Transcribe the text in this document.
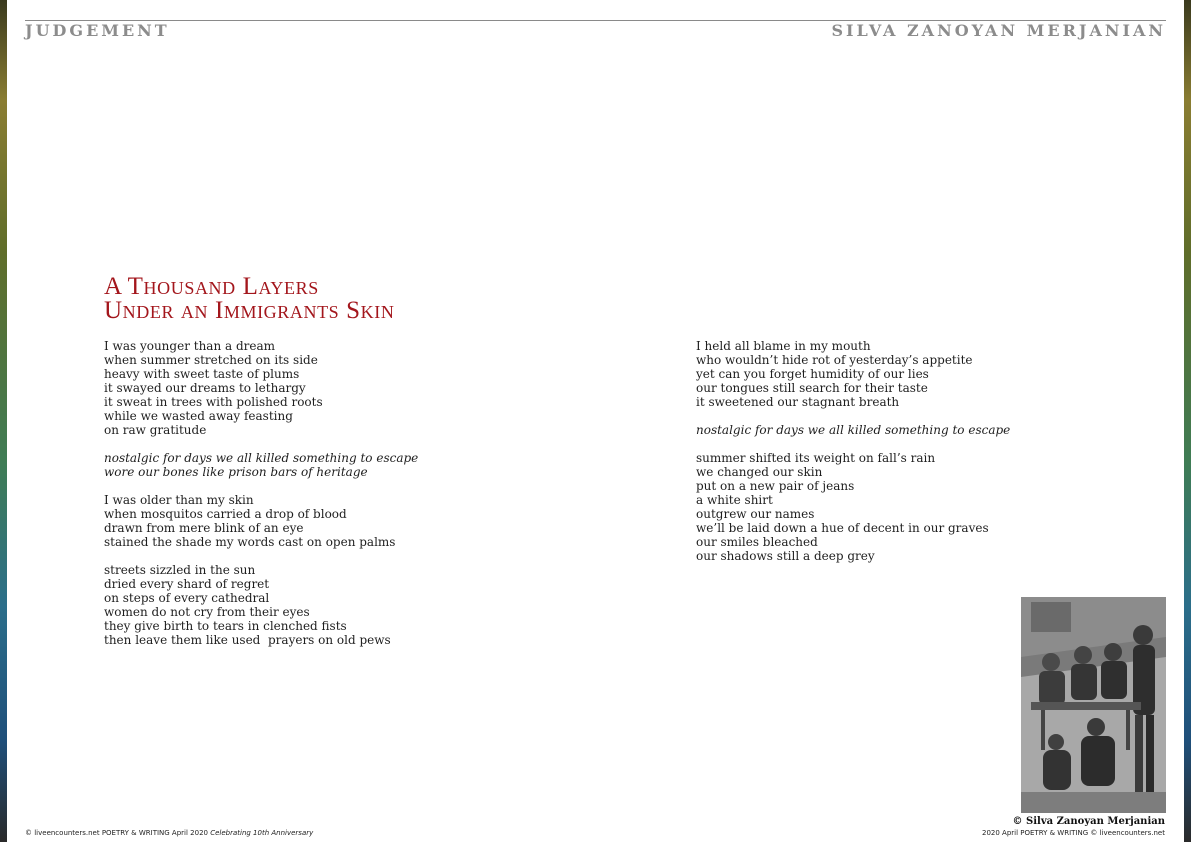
JUDGEMENT	SILVA ZANOYAN MERJANIAN
A Thousand Layers
Under an Immigrants Skin
I was younger than a dream
when summer stretched on its side
heavy with sweet taste of plums
it swayed our dreams to lethargy
it sweat in trees with polished roots
while we wasted away feasting
on raw gratitude
nostalgic for days we all killed something to escape
wore our bones like prison bars of heritage
I was older than my skin
when mosquitos carried a drop of blood
drawn from mere blink of an eye
stained the shade my words cast on open palms
streets sizzled in the sun
dried every shard of regret
on steps of every cathedral
women do not cry from their eyes
they give birth to tears in clenched fists
then leave them like used  prayers on old pews
I held all blame in my mouth
who wouldn’t hide rot of yesterday’s appetite
yet can you forget humidity of our lies
our tongues still search for their taste
it sweetened our stagnant breath
nostalgic for days we all killed something to escape
summer shifted its weight on fall’s rain
we changed our skin
put on a new pair of jeans
a white shirt
outgrew our names
we’ll be laid down a hue of decent in our graves
our smiles bleached
our shadows still a deep grey
© Silva Zanoyan Merjanian
© liveencounters.net POETRY & WRITING April 2020 Celebrating 10th Anniversary	2020 April POETRY & WRITING © liveencounters.net
